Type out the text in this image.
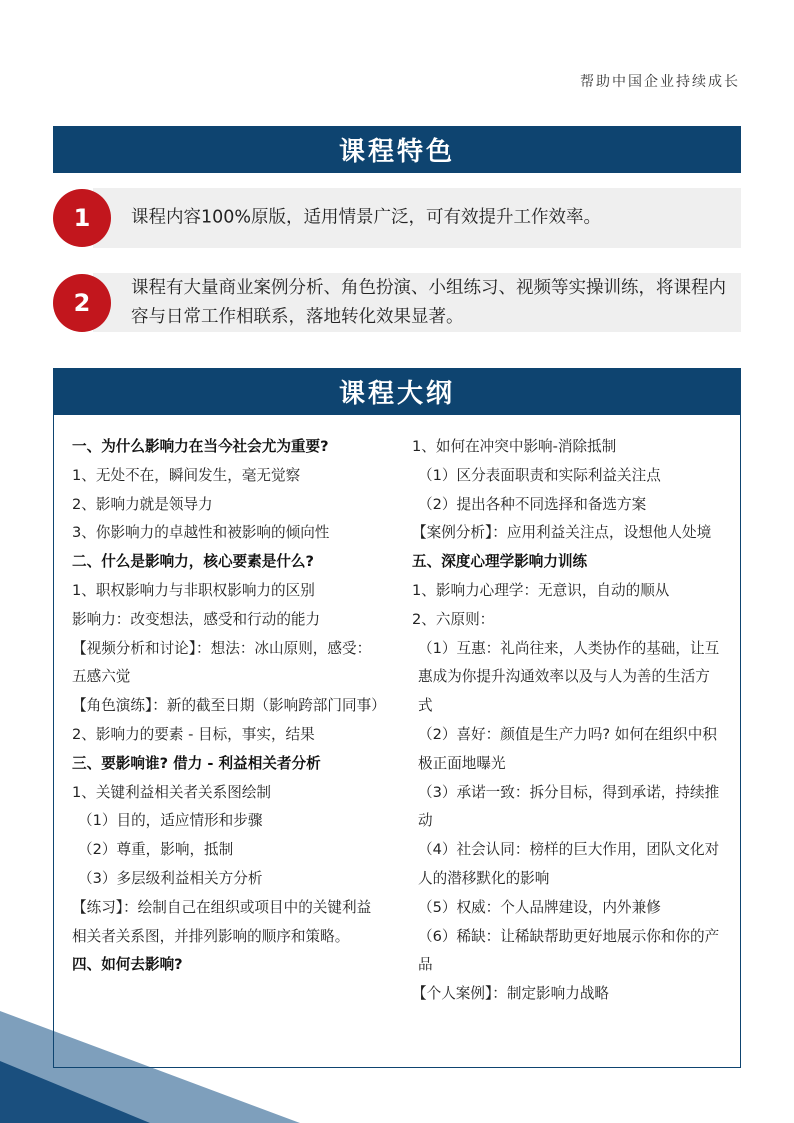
帮助中国企业持续成长
课程特色
1	课程内容100%原版，适用情景广泛，可有效提升工作效率。
2
课程有大量商业案例分析、角色扮演、小组练习、视频等实操训练，将课程内容与日常工作相联系，落地转化效果显著。
课程大纲

一、为什么影响力在当今社会尤为重要?

1、无处不在，瞬间发生，毫无觉察

2、影响力就是领导力

3、你影响力的卓越性和被影响的倾向性

二、什么是影响力，核心要素是什么?

1、职权影响力与非职权影响力的区别

影响力：改变想法，感受和行动的能力

【视频分析和讨论】：想法：冰山原则，感受：五感六觉

【角色演练】：新的截至日期（影响跨部门同事）

2、影响力的要素 - 目标，事实，结果

三、要影响谁? 借力 - 利益相关者分析

1、关键利益相关者关系图绘制

（1）目的，适应情形和步骤

（2）尊重，影响，抵制

（3）多层级利益相关方分析

【练习】：绘制自己在组织或项目中的关键利益相关者关系图，并排列影响的顺序和策略。

四、如何去影响?

1、如何在冲突中影响-消除抵制

（1）区分表面职责和实际利益关注点

（2）提出各种不同选择和备选方案

【案例分析】：应用利益关注点，设想他人处境

五、深度心理学影响力训练

1、影响力心理学：无意识，自动的顺从

2、六原则：

（1）互惠：礼尚往来，人类协作的基础，让互惠成为你提升沟通效率以及与人为善的生活方式

（2）喜好：颜值是生产力吗? 如何在组织中积极正面地曝光

（3）承诺一致：拆分目标，得到承诺，持续推动

（4）社会认同：榜样的巨大作用，团队文化对人的潜移默化的影响

（5）权威：个人品牌建设，内外兼修

（6）稀缺：让稀缺帮助更好地展示你和你的产品

【个人案例】：制定影响力战略
